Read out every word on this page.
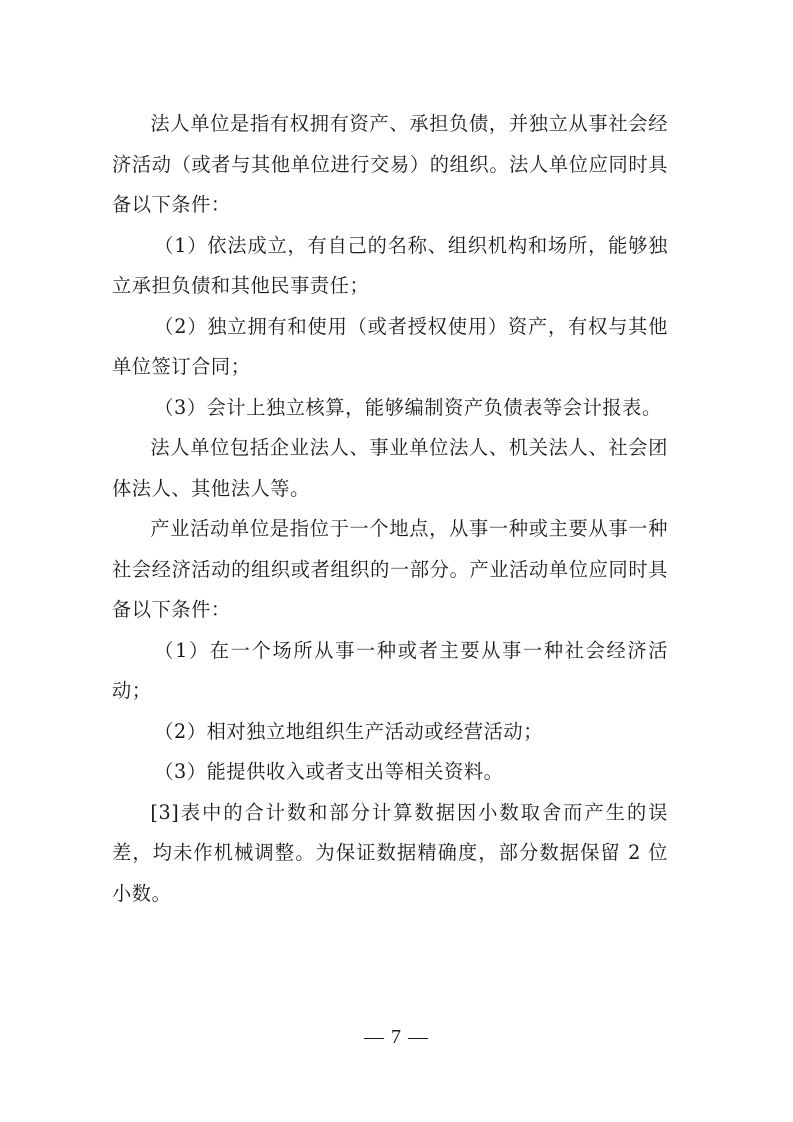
法人单位是指有权拥有资产、承担负债，并独立从事社会经济活动（或者与其他单位进行交易）的组织。法人单位应同时具备以下条件：

（1）依法成立，有自己的名称、组织机构和场所，能够独立承担负债和其他民事责任；

（2）独立拥有和使用（或者授权使用）资产，有权与其他单位签订合同；

（3）会计上独立核算，能够编制资产负债表等会计报表。

法人单位包括企业法人、事业单位法人、机关法人、社会团体法人、其他法人等。

产业活动单位是指位于一个地点，从事一种或主要从事一种社会经济活动的组织或者组织的一部分。产业活动单位应同时具备以下条件：

（1）在一个场所从事一种或者主要从事一种社会经济活动；

（2）相对独立地组织生产活动或经营活动；

（3）能提供收入或者支出等相关资料。

[3]表中的合计数和部分计算数据因小数取舍而产生的误差，均未作机械调整。为保证数据精确度，部分数据保留 2 位小数。

— 7 —
